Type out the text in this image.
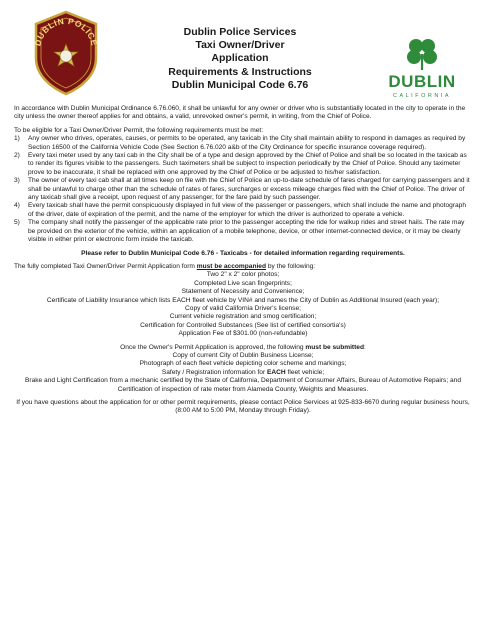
DUBLIN POLICE
Dublin Police Services
Taxi Owner/Driver
Application
Requirements & Instructions
Dublin Municipal Code 6.76	DUBLIN
CALIFORNIA

In accordance with Dublin Municipal Ordinance 6.76.060, it shall be unlawful for any owner or driver who is substantially located in the city to operate in the city unless the owner thereof applies for and obtains, a valid, unrevoked owner's permit, in writing, from the Chief of Police.

To be eligible for a Taxi Owner/Driver Permit, the following requirements must be met:

1) Any owner who drives, operates, causes, or permits to be operated, any taxicab in the City shall maintain ability to respond in damages as required by Section 16500 of the California Vehicle Code (See Section 6.76.020 a&b of the City Ordinance for specific insurance coverage required).
2) Every taxi meter used by any taxi cab in the City shall be of a type and design approved by the Chief of Police and shall be so located in the taxicab as to render its figures visible to the passengers. Such taximeters shall be subject to inspection periodically by the Chief of Police. Should any taximeter prove to be inaccurate, it shall be replaced with one approved by the Chief of Police or be adjusted to his/her satisfaction.
3) The owner of every taxi cab shall at all times keep on file with the Chief of Police an up-to-date schedule of fares charged for carrying passengers and it shall be unlawful to charge other than the schedule of rates of fares, surcharges or excess mileage charges filed with the Chief of Police. The driver of any taxicab shall give a receipt, upon request of any passenger, for the fare paid by such passenger.
4) Every taxicab shall have the permit conspicuously displayed in full view of the passenger or passengers, which shall include the name and photograph of the driver, date of expiration of the permit, and the name of the employer for which the driver is authorized to operate a vehicle.
5) The company shall notify the passenger of the applicable rate prior to the passenger accepting the ride for walkup rides and street hails. The rate may be provided on the exterior of the vehicle, within an application of a mobile telephone, device, or other internet-connected device, or it may be clearly visible in either print or electronic form inside the taxicab.

Please refer to Dublin Municipal Code 6.76 - Taxicabs - for detailed information regarding requirements.

The fully completed Taxi Owner/Driver Permit Application form must be accompanied by the following:

Two 2" x 2" color photos;
Completed Live scan fingerprints;
Statement of Necessity and Convenience;
Certificate of Liability Insurance which lists EACH fleet vehicle by VIN# and names the City of Dublin as Additional Insured (each year);
Copy of valid California Driver's license;
Current vehicle registration and smog certification;
Certification for Controlled Substances (See list of certified consortia's)
Application Fee of $301.00 (non-refundable)

Once the Owner's Permit Application is approved, the following must be submitted:

Copy of current City of Dublin Business License;
Photograph of each fleet vehicle depicting color scheme and markings;
Safety / Registration information for EACH fleet vehicle;
Brake and Light Certification from a mechanic certified by the State of California, Department of Consumer Affairs, Bureau of Automotive Repairs; and
Certification of inspection of rate meter from Alameda County, Weights and Measures.

If you have questions about the application for or other permit requirements, please contact Police Services at 925-833-6670 during regular business hours, (8:00 AM to 5:00 PM, Monday through Friday).
